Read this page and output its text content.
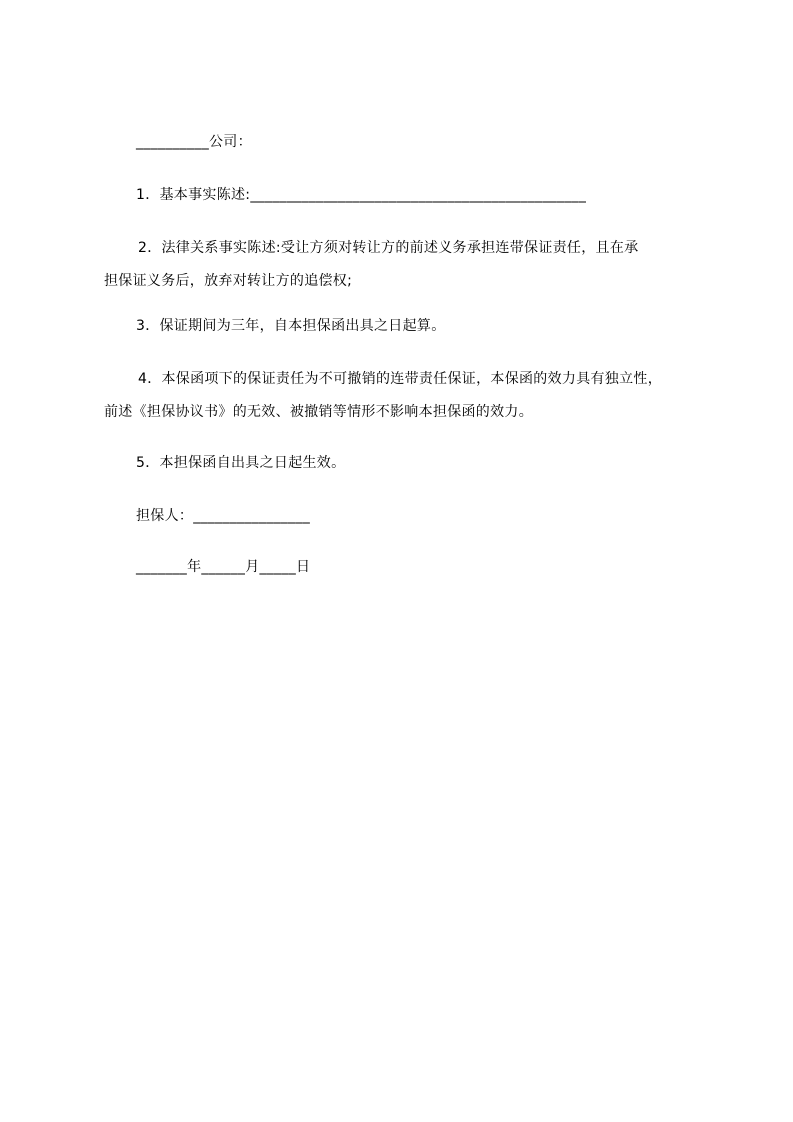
__________公司：
1．基本事实陈述:______________________________________________
2．法律关系事实陈述:受让方须对转让方的前述义务承担连带保证责任，且在承
担保证义务后，放弃对转让方的追偿权;
3．保证期间为三年，自本担保函出具之日起算。
4．本保函项下的保证责任为不可撤销的连带责任保证，本保函的效力具有独立性，
前述《担保协议书》的无效、被撤销等情形不影响本担保函的效力。
5．本担保函自出具之日起生效。
担保人：________________
_______年______月_____日
